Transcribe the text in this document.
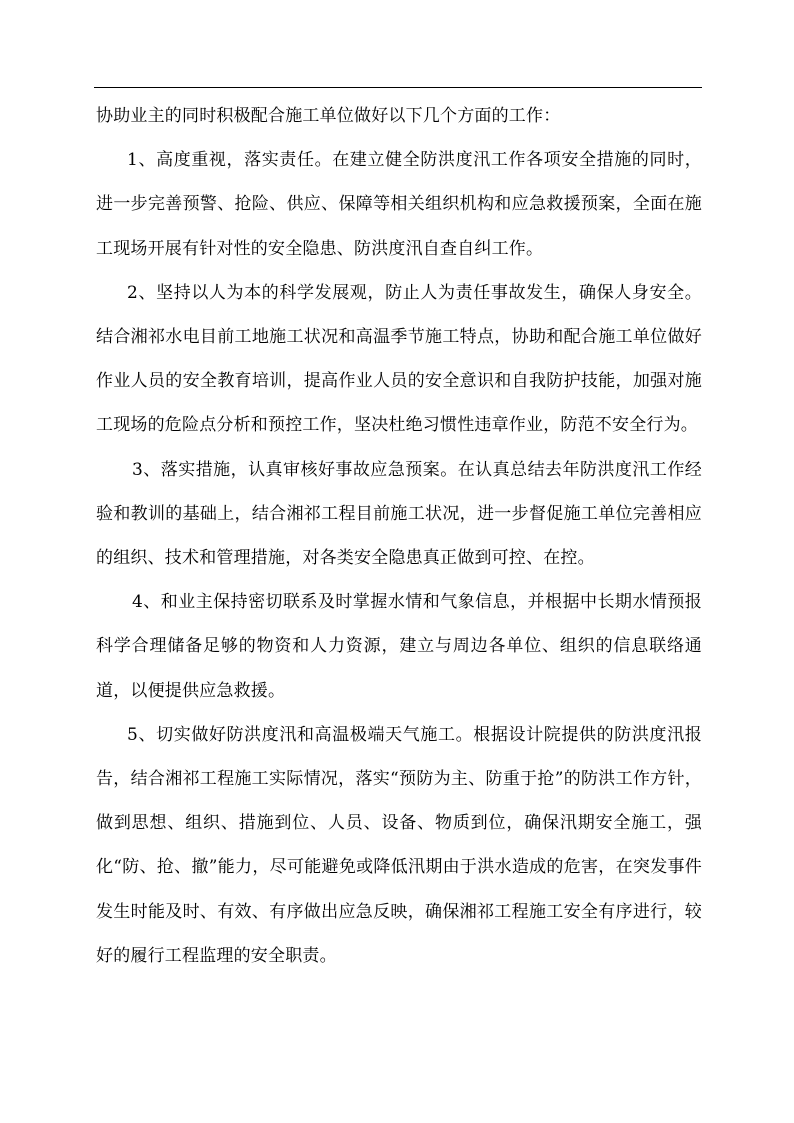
协助业主的同时积极配合施工单位做好以下几个方面的工作：

1、高度重视，落实责任。在建立健全防洪度汛工作各项安全措施的同时，进一步完善预警、抢险、供应、保障等相关组织机构和应急救援预案，全面在施工现场开展有针对性的安全隐患、防洪度汛自查自纠工作。

2、坚持以人为本的科学发展观，防止人为责任事故发生，确保人身安全。结合湘祁水电目前工地施工状况和高温季节施工特点，协助和配合施工单位做好作业人员的安全教育培训，提高作业人员的安全意识和自我防护技能，加强对施工现场的危险点分析和预控工作，坚决杜绝习惯性违章作业，防范不安全行为。

3、落实措施，认真审核好事故应急预案。在认真总结去年防洪度汛工作经验和教训的基础上，结合湘祁工程目前施工状况，进一步督促施工单位完善相应的组织、技术和管理措施，对各类安全隐患真正做到可控、在控。

4、和业主保持密切联系及时掌握水情和气象信息，并根据中长期水情预报科学合理储备足够的物资和人力资源，建立与周边各单位、组织的信息联络通道，以便提供应急救援。

5、切实做好防洪度汛和高温极端天气施工。根据设计院提供的防洪度汛报告，结合湘祁工程施工实际情况，落实“预防为主、防重于抢”的防洪工作方针，做到思想、组织、措施到位、人员、设备、物质到位，确保汛期安全施工，强化“防、抢、撤”能力，尽可能避免或降低汛期由于洪水造成的危害，在突发事件发生时能及时、有效、有序做出应急反映，确保湘祁工程施工安全有序进行，较好的履行工程监理的安全职责。
